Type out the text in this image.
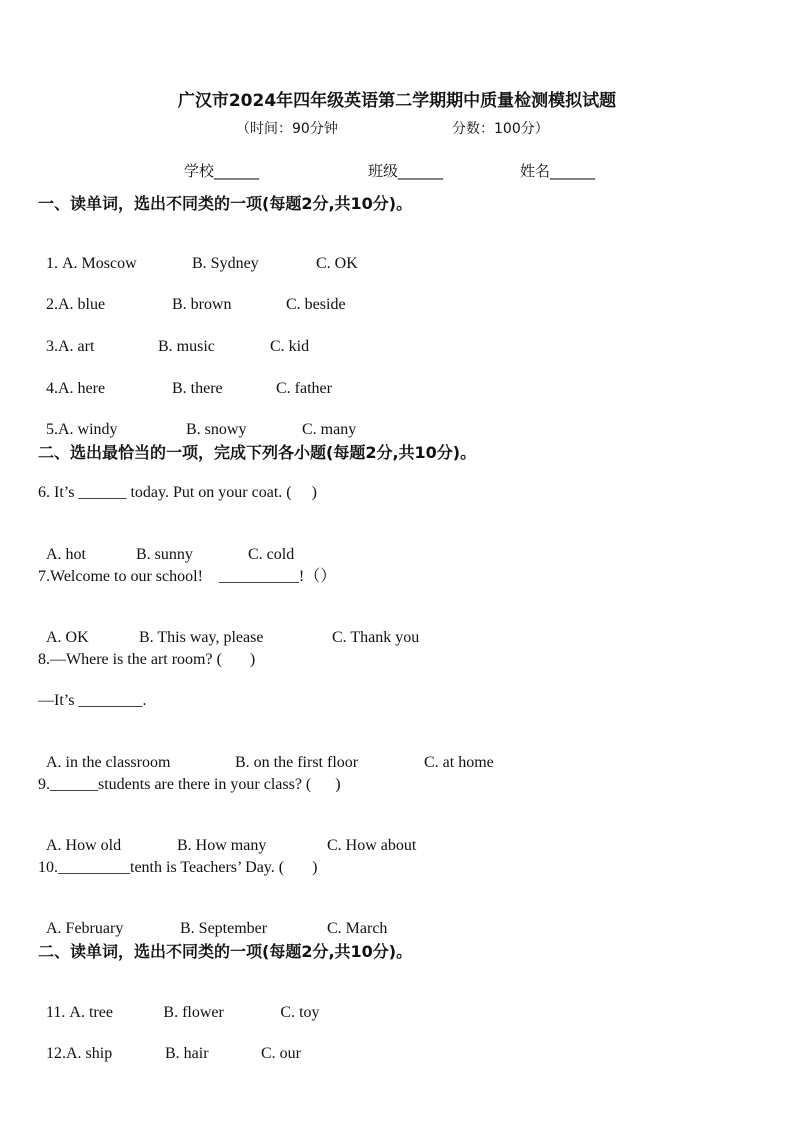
广汉市2024年四年级英语第二学期期中质量检测模拟试题
（时间：90分钟	分数：100分）
学校______	班级______	姓名______
一、读单词，选出不同类的一项(每题2分,共10分)。

1. A. Moscow	B. Sydney	C. OK

2.A. blue	B. brown	C. beside

3.A. art	B. music	C. kid

4.A. here	B. there	C. father

5.A. windy	B. snowy	C. many

二、选出最恰当的一项，完成下列各小题(每题2分,共10分)。
6. It’s ______ today. Put on your coat. (     )

A. hot	B. sunny	C. cold

7.Welcome to our school!    __________!（）

A. OK	B. This way, please	C. Thank you

8.—Where is the art room? (       )
—It’s ________.

A. in the classroom	B. on the first floor	C. at home

9.______students are there in your class? (      )

A. How old	B. How many	C. How about

10._________tenth is Teachers’ Day. (       )

A. February	B. September	C. March

二、读单词，选出不同类的一项(每题2分,共10分)。

11. A. tree	B. flower	C. toy

12.A. ship	B. hair	C. our
